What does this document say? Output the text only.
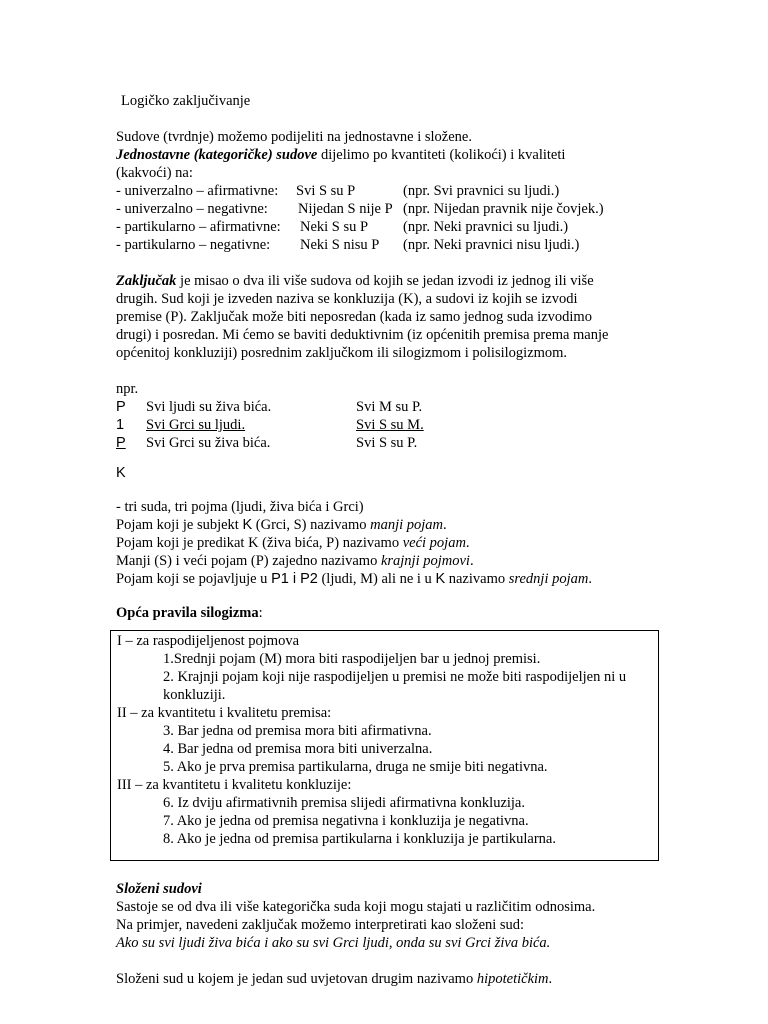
Logičko zaključivanje
Sudove (tvrdnje) možemo podijeliti na jednostavne i složene.
Jednostavne (kategoričke) sudove dijelimo po kvantiteti (kolikoći) i kvaliteti
(kakvoći) na:
- univerzalno – afirmativne: Svi S su P	(npr. Svi pravnici su ljudi.)
- univerzalno – negativne: Nijedan S nije P (npr. Nijedan pravnik nije čovjek.)
- partikularno – afirmativne: Neki S su P (npr. Neki pravnici su ljudi.)
- partikularno – negativne: Neki S nisu P (npr. Neki pravnici nisu ljudi.)
Zaključak je misao o dva ili više sudova od kojih se jedan izvodi iz jednog ili više
drugih. Sud koji je izveden naziva se konkluzija (K), a sudovi iz kojih se izvodi
premise (P). Zaključak može biti neposredan (kada iz samo jednog suda izvodimo
drugi) i posredan. Mi ćemo se baviti deduktivnim (iz općenitih premisa prema manje
općenitoj konkluziji) posrednim zaključkom ili silogizmom i polisilogizmom.
npr.
P Svi ljudi su živa bića.	Svi M su P.
1 Svi Grci su ljudi.	Svi S su M.
P Svi Grci su živa bića.	Svi S su P.
K
- tri suda, tri pojma (ljudi, živa bića i Grci)
Pojam koji je subjekt K (Grci, S) nazivamo manji pojam.
Pojam koji je predikat K (živa bića, P) nazivamo veći pojam.
Manji (S) i veći pojam (P) zajedno nazivamo krajnji pojmovi.
Pojam koji se pojavljuje u P1 i P2 (ljudi, M) ali ne i u K nazivamo srednji pojam.
Opća pravila silogizma:
I – za raspodijeljenost pojmova
1.Srednji pojam (M) mora biti raspodijeljen bar u jednoj premisi.
2. Krajnji pojam koji nije raspodijeljen u premisi ne može biti raspodijeljen ni u konkluziji.
II – za kvantitetu i kvalitetu premisa:
3. Bar jedna od premisa mora biti afirmativna.
4. Bar jedna od premisa mora biti univerzalna.
5. Ako je prva premisa partikularna, druga ne smije biti negativna.
III – za kvantitetu i kvalitetu konkluzije:
6. Iz dviju afirmativnih premisa slijedi afirmativna konkluzija.
7. Ako je jedna od premisa negativna i konkluzija je negativna.
8. Ako je jedna od premisa partikularna i konkluzija je partikularna.
Složeni sudovi
Sastoje se od dva ili više kategorička suda koji mogu stajati u različitim odnosima.
Na primjer, navedeni zaključak možemo interpretirati kao složeni sud:
Ako su svi ljudi živa bića i ako su svi Grci ljudi, onda su svi Grci živa bića.
Složeni sud u kojem je jedan sud uvjetovan drugim nazivamo hipotetičkim.
